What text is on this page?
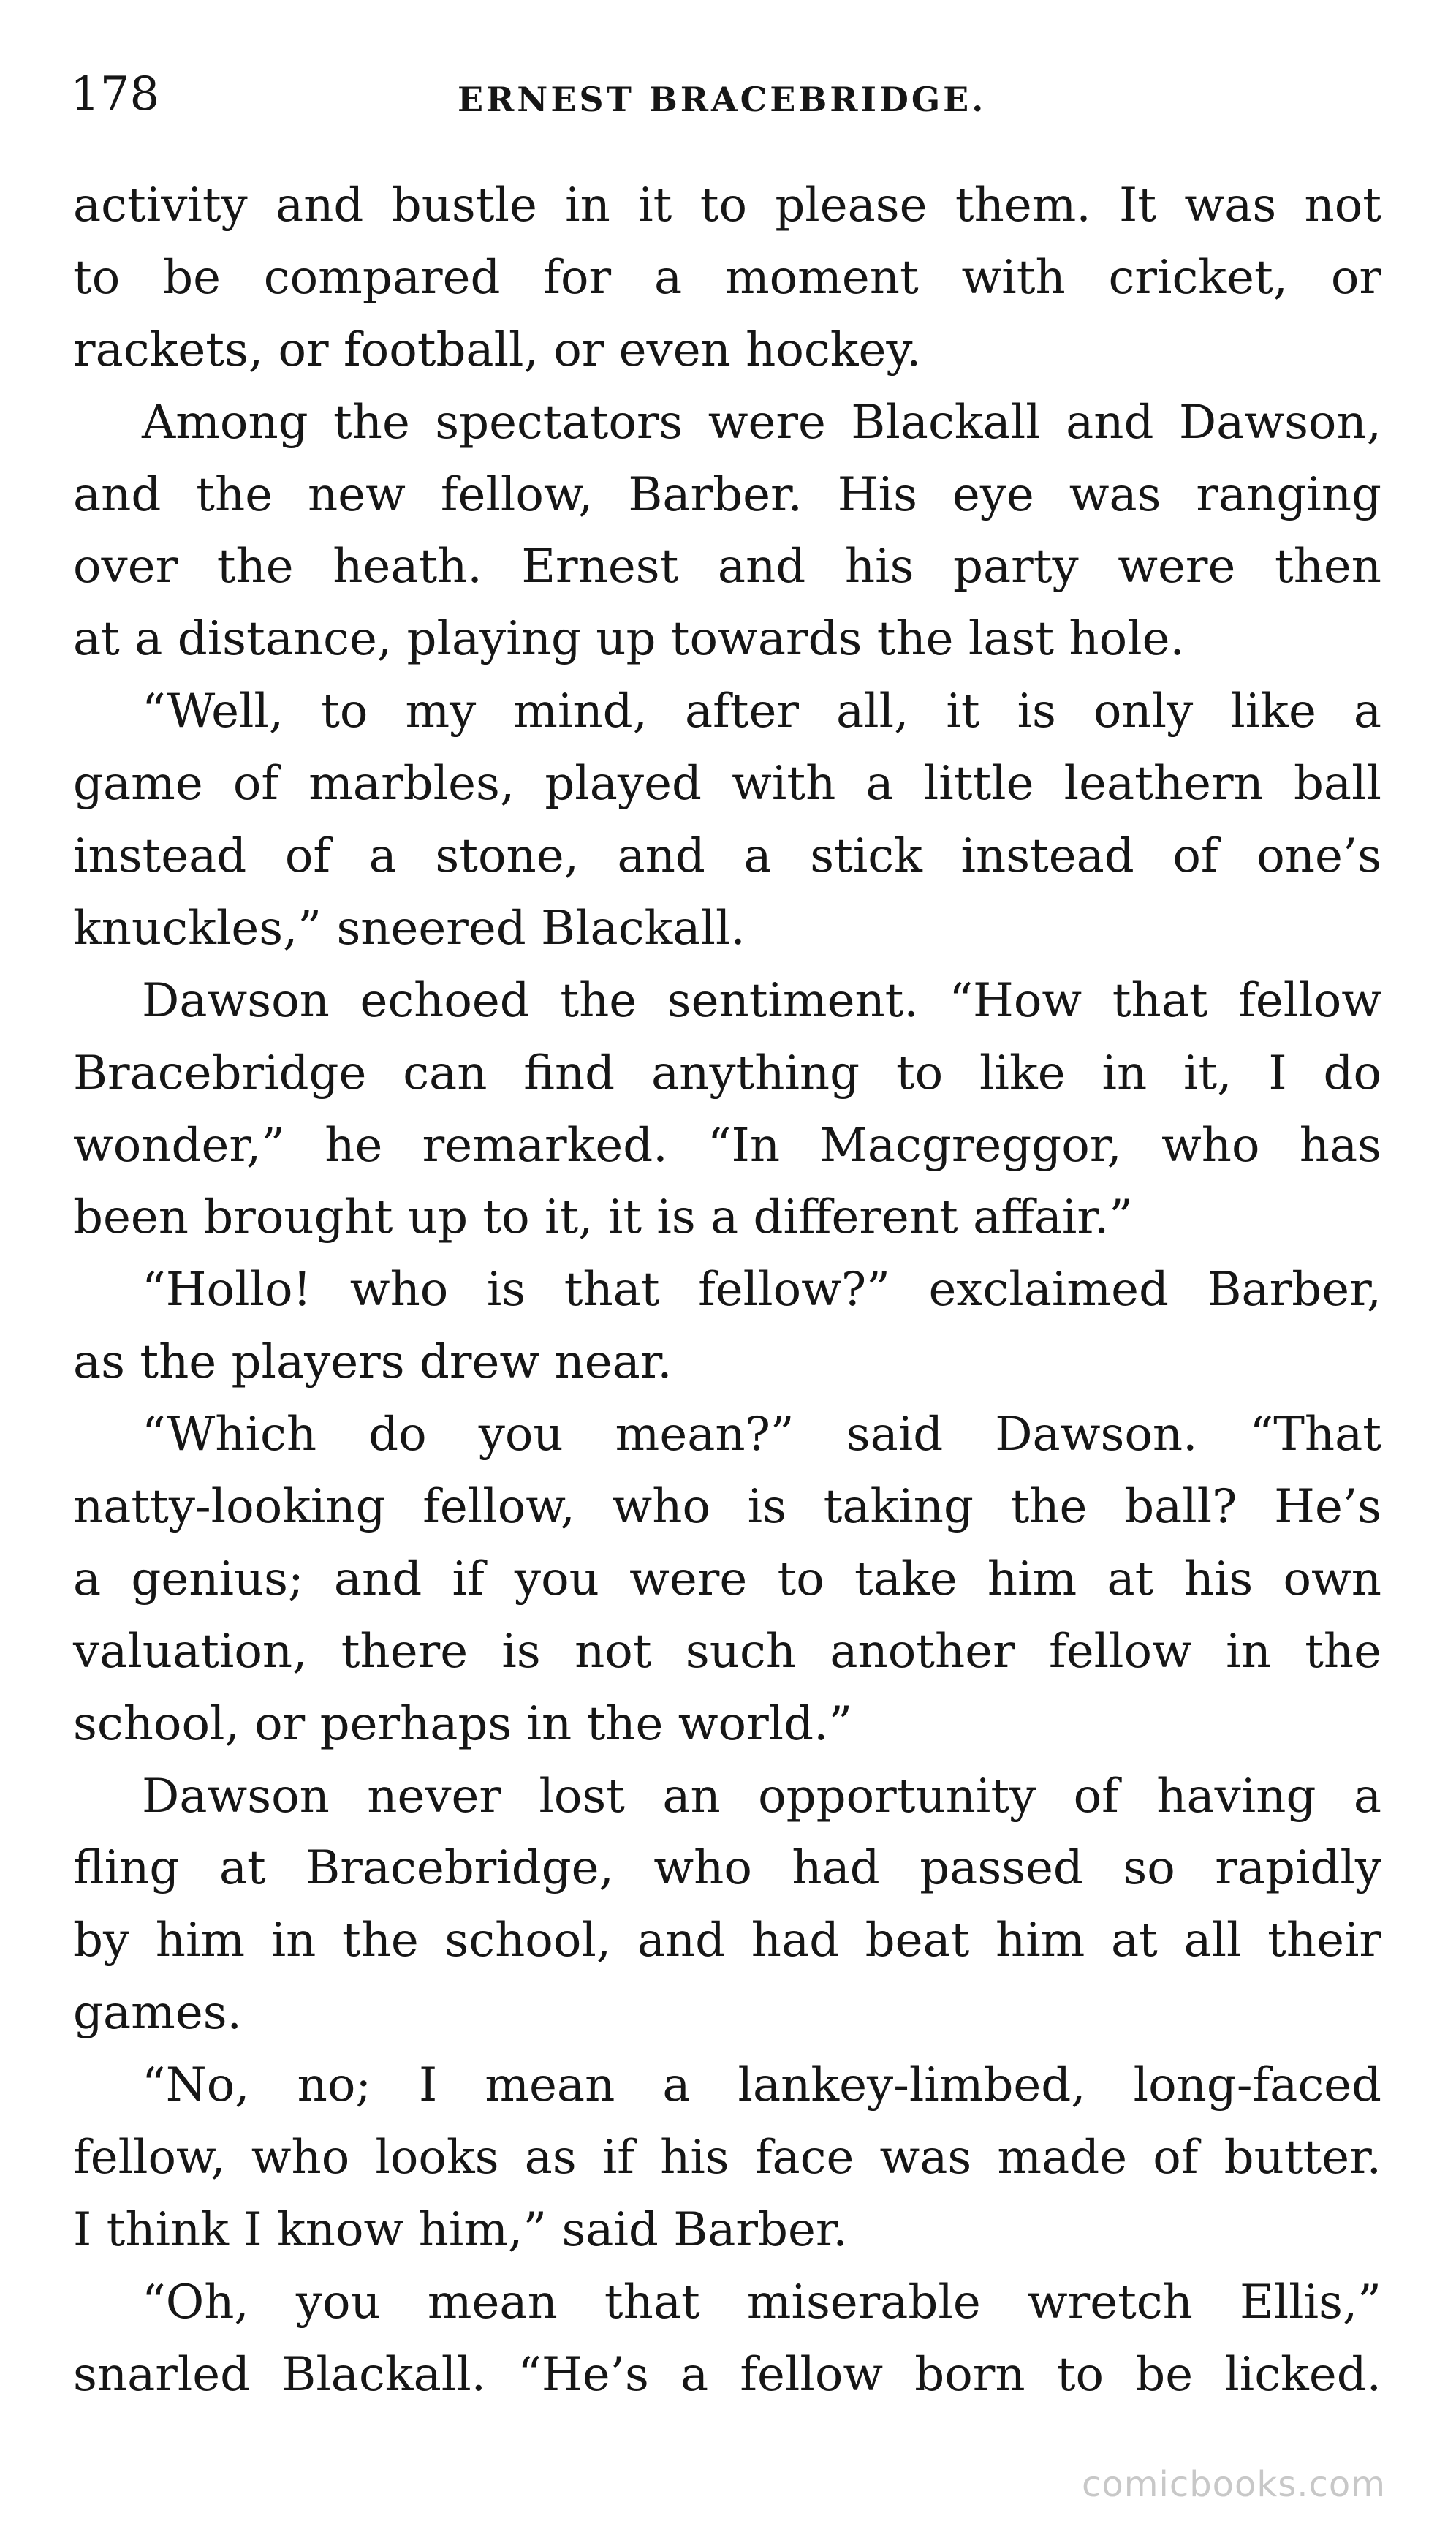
178	ERNEST BRACEBRIDGE.
activity and bustle in it to please them. It was not
to be compared for a moment with cricket, or
rackets, or football, or even hockey.
Among the spectators were Blackall and Dawson,
and the new fellow, Barber. His eye was ranging
over the heath. Ernest and his party were then
at a distance, playing up towards the last hole.
“Well, to my mind, after all, it is only like a
game of marbles, played with a little leathern ball
instead of a stone, and a stick instead of one’s
knuckles,” sneered Blackall.
Dawson echoed the sentiment. “How that fellow
Bracebridge can find anything to like in it, I do
wonder,” he remarked. “In Macgreggor, who has
been brought up to it, it is a different affair.”
“Hollo! who is that fellow?” exclaimed Barber,
as the players drew near.
“Which do you mean?” said Dawson. “That
natty-looking fellow, who is taking the ball? He’s
a genius; and if you were to take him at his own
valuation, there is not such another fellow in the
school, or perhaps in the world.”
Dawson never lost an opportunity of having a
fling at Bracebridge, who had passed so rapidly
by him in the school, and had beat him at all their
games.
“No, no; I mean a lankey-limbed, long-faced
fellow, who looks as if his face was made of butter.
I think I know him,” said Barber.
“Oh, you mean that miserable wretch Ellis,”
snarled Blackall. “He’s a fellow born to be licked.
comicbooks.com
